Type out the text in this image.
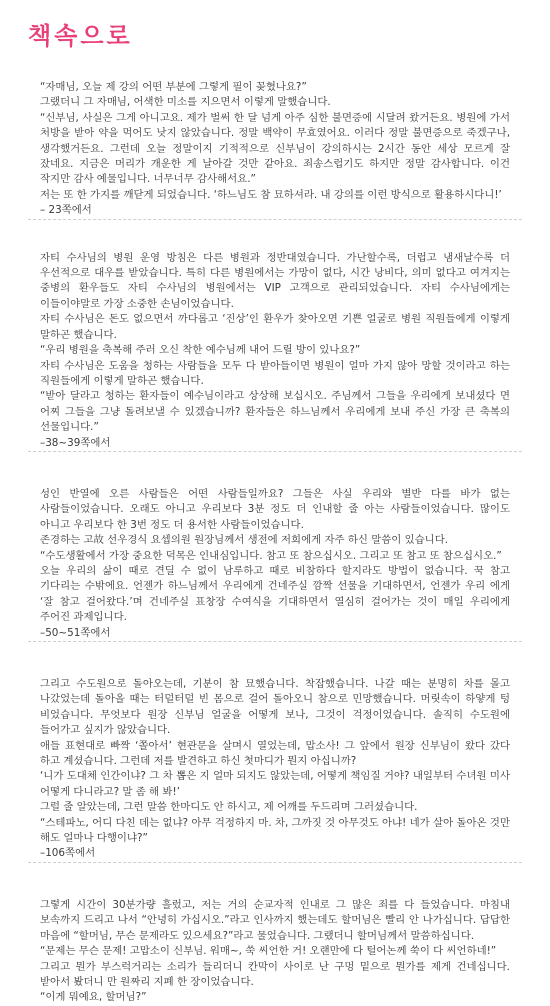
책속으로

“자매님, 오늘 제 강의 어떤 부분에 그렇게 필이 꽂혔나요?”

그랬더니 그 자매님, 어색한 미소를 지으면서 이렇게 말했습니다.

“신부님, 사실은 그게 아니고요. 제가 벌써 한 달 넘게 아주 심한 불면증에 시달려 왔거든요. 병원에 가서 처방을 받아 약을 먹어도 낫지 않았습니다. 정말 백약이 무효였어요. 이러다 정말 불면증으로 죽겠구나, 생각했거든요. 그런데 오늘 정말이지 기적적으로 신부님이 강의하시는 2시간 동안 세상 모르게 잘 잤네요. 지금은 머리가 개운한 게 날아갈 것만 같아요. 죄송스럽기도 하지만 정말 감사합니다. 이건 작지만 감사 예물입니다. 너무너무 감사해서요.”

저는 또 한 가지를 깨닫게 되었습니다. ‘하느님도 참 묘하셔라. 내 강의를 이런 방식으로 활용하시다니!’

– 23쪽에서

자티 수사님의 병원 운영 방침은 다른 병원과 정반대였습니다. 가난할수록, 더럽고 냄새날수록 더 우선적으로 대우를 받았습니다. 특히 다른 병원에서는 가망이 없다, 시간 낭비다, 의미 없다고 여겨지는 중병의 환우들도 자티 수사님의 병원에서는 VIP 고객으로 관리되었습니다. 자티 수사님에게는 이들이야말로 가장 소중한 손님이었습니다.

자티 수사님은 돈도 없으면서 까다롭고 ‘진상’인 환우가 찾아오면 기쁜 얼굴로 병원 직원들에게 이렇게 말하곤 했습니다.

“우리 병원을 축복해 주러 오신 착한 예수님께 내어 드릴 방이 있나요?”

자티 수사님은 도움을 청하는 사람들을 모두 다 받아들이면 병원이 얼마 가지 않아 망할 것이라고 하는 직원들에게 이렇게 말하곤 했습니다.

“받아 달라고 청하는 환자들이 예수님이라고 상상해 보십시오. 주님께서 그들을 우리에게 보내셨다 면 어찌 그들을 그냥 돌려보낼 수 있겠습니까? 환자들은 하느님께서 우리에게 보내 주신 가장 큰 축복의 선물입니다.”

–38~39쪽에서

성인 반열에 오른 사람들은 어떤 사람들일까요? 그들은 사실 우리와 별반 다를 바가 없는 사람들이었습니다. 오래도 아니고 우리보다 3분 정도 더 인내할 줄 아는 사람들이었습니다. 많이도 아니고 우리보다 한 3번 정도 더 용서한 사람들이었습니다.

존경하는 고故 선우경식 요셉의원 원장님께서 생전에 저희에게 자주 하신 말씀이 있습니다.

“수도생활에서 가장 중요한 덕목은 인내심입니다. 참고 또 참으십시오. 그리고 또 참고 또 참으십시오.”

오늘 우리의 삶이 때로 견딜 수 없이 남루하고 때로 비참하다 할지라도 방법이 없습니다. 꾹 참고 기다리는 수밖에요. 언젠가 하느님께서 우리에게 건네주실 깜짝 선물을 기대하면서, 언젠가 우리 에게 ‘잘 참고 걸어왔다.’며 건네주실 표창장 수여식을 기대하면서 열심히 걸어가는 것이 매일 우리에게 주어진 과제입니다.

–50~51쪽에서

그리고 수도원으로 돌아오는데, 기분이 참 묘했습니다. 착잡했습니다. 나갈 때는 분명히 차를 몰고 나갔었는데 돌아올 때는 터덜터덜 빈 몸으로 걸어 돌아오니 참으로 민망했습니다. 머릿속이 하얗게 텅 비었습니다. 무엇보다 원장 신부님 얼굴을 어떻게 보나, 그것이 걱정이었습니다. 솔직히 수도원에 들어가고 싶지가 않았습니다.

애들 표현대로 빠짝 ‘쫄아서’ 현관문을 살며시 열었는데, 맙소사! 그 앞에서 원장 신부님이 왔다 갔다 하고 계셨습니다. 그런데 저를 발견하고 하신 첫마디가 뭔지 아십니까?

‘니가 도대체 인간이냐? 그 차 뽑은 지 얼마 되지도 않았는데, 어떻게 책임질 거야? 내일부터 수녀원 미사 어떻게 다니라고? 말 좀 해 봐!’

그럴 줄 알았는데, 그런 말씀 한마디도 안 하시고, 제 어깨를 두드리며 그러셨습니다.

“스테파노, 어디 다친 데는 없냐? 아무 걱정하지 마. 차, 그까짓 것 아무것도 아냐! 네가 살아 돌아온 것만 해도 얼마나 다행이냐?”

–106쪽에서

그렇게 시간이 30분가량 흘렀고, 저는 거의 순교자적 인내로 그 많은 죄를 다 들었습니다. 마침내 보속까지 드리고 나서 “안녕히 가십시오.”라고 인사까지 했는데도 할머님은 빨리 안 나가십니다. 답답한 마음에 “할머님, 무슨 문제라도 있으세요?”라고 물었습니다. 그랬더니 할머님께서 말씀하십니다.

“문제는 무슨 문제! 고맙소이 신부님. 워매~, 쑥 씨언한 거! 오랜만에 다 털어논께 쑥이 다 씨언하네!”

그리고 뭔가 부스럭거리는 소리가 들리더니 칸막이 사이로 난 구멍 밑으로 뭔가를 제게 건네십니다. 받아서 봤더니 만 원짜리 지폐 한 장이었습니다.

“이게 뭐예요, 할머님?”
